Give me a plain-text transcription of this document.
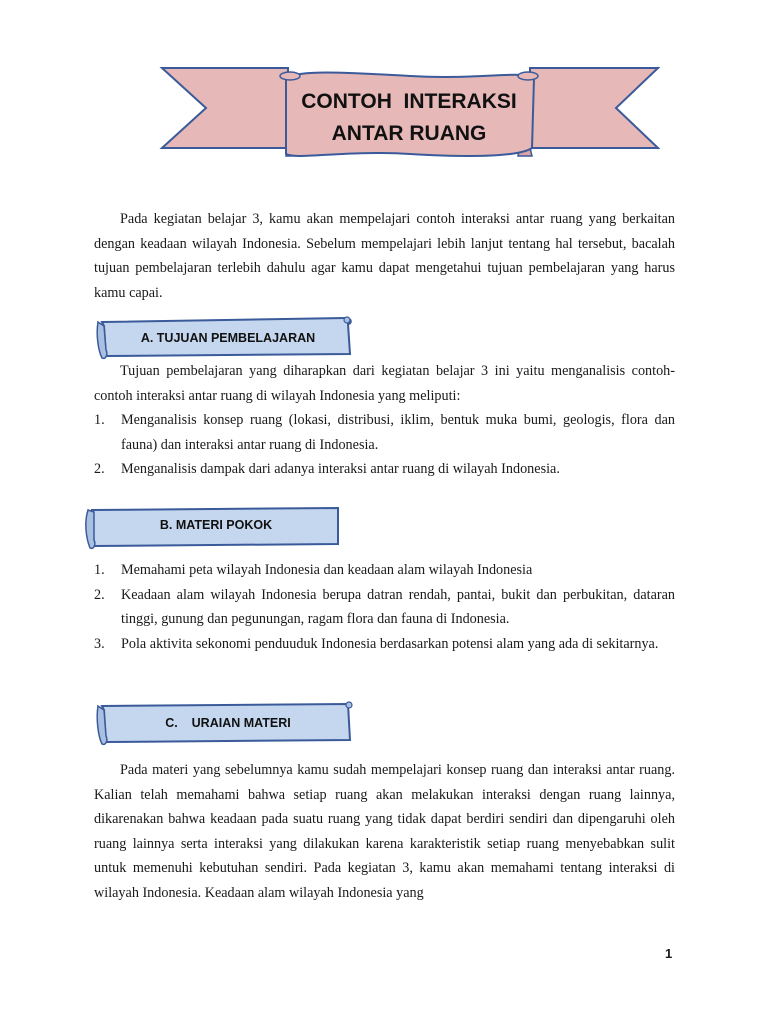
CONTOH  INTERAKSI
ANTAR RUANG

Pada kegiatan belajar 3, kamu akan mempelajari contoh interaksi antar ruang yang berkaitan dengan keadaan wilayah Indonesia. Sebelum mempelajari lebih lanjut tentang hal tersebut, bacalah tujuan pembelajaran terlebih dahulu agar kamu dapat mengetahui tujuan pembelajaran yang harus kamu capai.

A. TUJUAN PEMBELAJARAN

Tujuan pembelajaran yang diharapkan dari kegiatan belajar 3 ini yaitu menganalisis contoh-contoh interaksi antar ruang di wilayah Indonesia yang meliputi:

1. Menganalisis konsep ruang (lokasi, distribusi, iklim, bentuk muka bumi, geologis, flora dan fauna) dan interaksi antar ruang di Indonesia.
2. Menganalisis dampak dari adanya interaksi antar ruang di wilayah Indonesia.
B. MATERI POKOK
1. Memahami peta wilayah Indonesia dan keadaan alam wilayah Indonesia
2. Keadaan alam wilayah Indonesia berupa datran rendah, pantai, bukit dan perbukitan, dataran tinggi, gunung dan pegunungan, ragam flora dan fauna di Indonesia.
3. Pola aktivita sekonomi penduuduk Indonesia berdasarkan potensi alam yang ada di sekitarnya.
C.    URAIAN MATERI

Pada materi yang sebelumnya kamu sudah mempelajari konsep ruang dan interaksi antar ruang. Kalian telah memahami bahwa setiap ruang akan melakukan interaksi dengan ruang lainnya, dikarenakan bahwa keadaan pada suatu ruang yang tidak dapat berdiri sendiri dan dipengaruhi oleh ruang lainnya serta interaksi yang dilakukan karena karakteristik setiap ruang menyebabkan sulit untuk memenuhi kebutuhan sendiri. Pada kegiatan 3, kamu akan memahami tentang interaksi di wilayah Indonesia. Keadaan alam wilayah Indonesia yang

1
